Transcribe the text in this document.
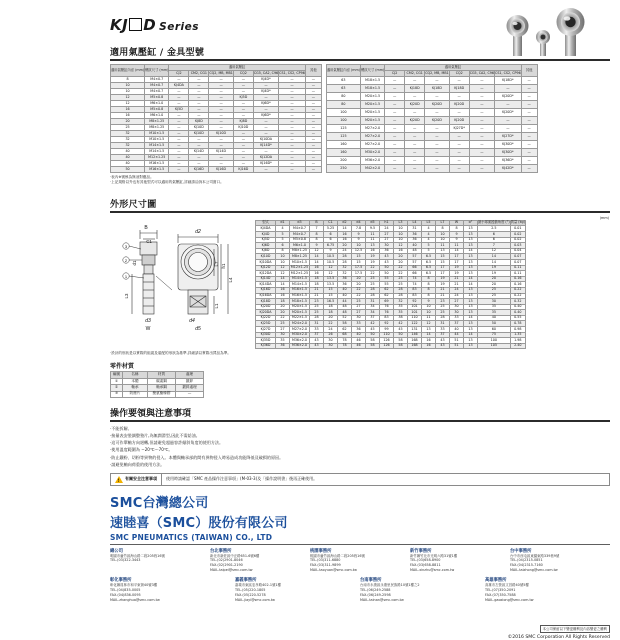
KJ D Series
適用氣壓缸 / 金具型號
適用氣壓缸內徑 (mm)	螺紋尺寸 (mm)	適用氣壓缸						其他
		CJ2	CM2, CG1	CQ2, MB, MB1	CQ2	CG5, CA2, C96	CS1, CS2, CP96	
8	M4×0.7	—	—	—	—	KJ4D*	—	—
10	M4×0.7	KJ4DA	—	—	—	—	—	—
10	M4×0.7	—	—	—	—	KJ4D*	—	—
12	M5×0.8	—	—	—	KJ5D	—	—	—
12	M6×1.0	—	—	—	—	KJ6D*	—	—
16	M5×0.8	KJ5D	—	—	—	—	—	—
16	M6×1.0	—	—	—	—	KJ6D*	—	—
20	M8×1.25	—	KJ8D	—	KJ8D	—	—	—
25	M8×1.25	—	KJ10D	—	KJ10D	—	—	—
32	M10×1.5	—	KJ10D	KJ10D	—	—	—	—
32	M10×1.5	—	—	—	—	KJ10DA	—	—
32	M14×1.5	—	—	—	—	KJ14D*	—	—
40	M14×1.5	—	KJ14D	KJ14D	—	—	—	—
40	M12×1.25	—	—	—	—	KJ12DA	—	—
40	M16×1.5	—	—	—	—	KJ16D*	—	—
50	M16×1.5	—	KJ16D	KJ16D	KJ16D	—	—	—
適用氣壓缸內徑 (mm)	螺紋尺寸 (mm)	適用氣壓缸						其他
		CJ2	CM2, CG1	CQ2, MB, MB1	CQ2	CG5, CA2, C96	CS1, CS2, CP96	
63	M18×1.5	—	—	—	—	—	KJ18D*	—
63	M18×1.5	—	KJ18D	KJ18D	KJ18D	—	—	—
80	M20×1.5	—	—	—	—	—	KJ20D*	—
80	M20×1.5	—	KJ20D	KJ20D	KJ20D	—	—	—
100	M20×1.5	—	—	—	—	—	KJ20D*	—
100	M20×1.5	—	KJ20D	KJ20D	KJ20D	—	—	—
125	M27×2.0	—	—	—	KJ27D*	—	—	—
125	M27×2.0	—	—	—	—	—	KJ27D*	—
160	M27×2.0	—	—	—	—	—	KJ30D*	—
160	M30×2.0	—	—	—	—	—	KJ30D*	—
200	M36×2.0	—	—	—	—	—	KJ36D*	—
250	M42×2.0	—	—	—	—	—	KJ42D*	—
‧表內※號係為無油對應品。
‧上記規格以外也有其他型式可以適用的氣壓缸,詳細請洽詢本公司窗口。
外形尺寸圖
B
C1
d2
d1
L3
L4
h1
L7
L1
d3
W
d4
d5
3
2
1
(mm)
型式	d1	d3	B	C1	d2	d4	d5	h1	L3	L4	L5	L7	W	α°	最小球面搖動角度 (°)	質量 (kg)
KJ4DA	4	M4×0.7	7	5.25	14	7.8	9.5	24	10	31	4	8	8	13	2.5	0.01
KJ4D	5	M4×0.7	8	6	16	9	11	27	10	36	4	10	9	13	6	0.02
KJ5D	5	M5×0.8	8	6	16	9	11	27	10	36	4	10	9	13	6	0.02
KJ6D	6	M6×1.0	9	6.75	20	10	13	30	12	40	5	11	11	13	7	0.03
KJ8D	8	M8×1.25	12	9	24	12.5	16	36	16	48	5	13	14	14	12	0.04
KJ10D	10	M8×1.25	14	10.5	28	15	19	43	20	57	6.5	15	17	13	14	0.07
KJ10DA	10	M10×1.5	14	10.5	28	15	19	43	20	57	6.5	15	17	13	14	0.07
KJ12D	12	M12×1.25	16	12	32	17.5	22	50	22	66	6.5	17	19	13	19	0.11
KJ12DA	12	M12×1.25	16	12	32	17.5	22	50	22	66	6.5	17	19	13	19	0.11
KJ14D	14	M14×1.5	18	13.5	36	20	25	55	25	74	8	19	21	14	20	0.16
KJ14DA	14	M14×1.5	18	13.5	36	20	25	55	25	74	8	19	21	14	20	0.16
KJ16D	16	M16×1.5	21	15	40	22	28	62	28	83	8	21	24	13	25	0.22
KJ16DA	16	M16×1.5	21	15	40	22	28	62	28	83	8	21	24	13	25	0.22
KJ18D	18	M18×1.5	23	16.5	44	25	31	69	32	92	9	23	27	13	30	0.32
KJ20D	20	M20×1.5	25	18	48	27	34	76	35	101	10	25	30	13	35	0.40
KJ20DA	20	M20×1.5	25	18	48	27	34	76	35	101	10	25	30	13	35	0.40
KJ22D	22	M22×1.5	28	20	52	30	37	83	38	110	11	28	33	14	40	0.55
KJ25D	25	M24×2.0	31	22	58	33	42	92	42	122	12	31	37	13	50	0.78
KJ27D	27	M27×2.0	33	24	62	36	45	99	45	131	13	33	40	13	60	0.98
KJ30D	30	M30×2.0	37	26	68	40	50	110	50	146	14	37	44	14	75	1.35
KJ35D	35	M36×2.0	43	30	78	46	58	126	58	168	16	43	51	13	100	1.98
KJ36D	36	M36×2.0	43	30	78	46	58	126	58	168	16	43	51	13	105	2.40
‧設計的形狀是以實際的組裝及裝配的形狀為基準,詳細請以實際出貨品為準。
零件材質
編號	名稱	材質	處理
①	本體	碳素鋼	鍍鋅
②	軸承	軸承鋼	鍍鋅處理
③	防塵片	聚氨酯橡膠	—
操作要領與注意事項
‧不能拆解。
‧接量表安裝調整墊片,為無潤滑型,因此不需給油。
‧這可作單軸方向迴轉,但請避免超過容許傾斜角度的使用方法。
‧使用溫度範圍為 −20℃～70℃。
‧防止鐵粉、切粉等異物的侵入。本體與軸承部的間有異物侵入時易造成功能降低及破損的原因。
‧請避免軸向荷重的使用方法。
!
有關安全注意事項	使用時請確認「SMC 產品操作注意事項」(M-03-3)及「操作說明書」後再正確使用。
SMC台灣總公司
速睦喜（SMC）股份有限公司
SMC PNEUMATICS (TAIWAN) CO., LTD
總公司
明園市蘆竹區海山路二段205巷16號
TEL.(03)322-3443
台北事務所
新北市新莊區中正路651-6號6樓
TEL.(02)2901-8046
FAX.(02)2901-2190
MAIL.taipei@smc.com.tw
桃園事務所
桃園市蘆竹區海山路二段205巷16號
TEL.(03)311-6880
FAX.(03)311-9899
MAIL.taoyuan@smc.com.tw
新竹事務所
新竹縣竹北市光明六路31號1樓
TEL.(03)658-8900
FAX.(03)658-8811
MAIL.xinzhu@smc.com.tw
台中事務所
台中市西屯區東園東路339巷9號
TEL.(04)2315-0851
FAX.(04)2315-7160
MAIL.taizhong@smc.com.tw
彰化事務所
彰化縣員林市和平東街40號3樓
TEL.(04)835-0005
FAX.(04)836-0095
MAIL.zhanghua@smc.com.tw
嘉義事務所
嘉義市東區忠孝路402-1號1樓
TEL.(05)220-1805
FAX.(05)220-5278
MAIL.jiayi@smc.com.tw
台南事務所
台南市永康區永康里民族路10號1樓之2
TEL.(06)249-2588
FAX.(06)249-2598
MAIL.tainan@smc.com.tw
高雄事務所
高雄市左營區文昌路40號5樓
TEL.(07)350-2091
FAX.(07)350-7588
MAIL.gaoxiong@smc.com.tw
本公司保留以下變更權利及內容變更之權利
©2016 SMC Corporation All Rights Reserved
